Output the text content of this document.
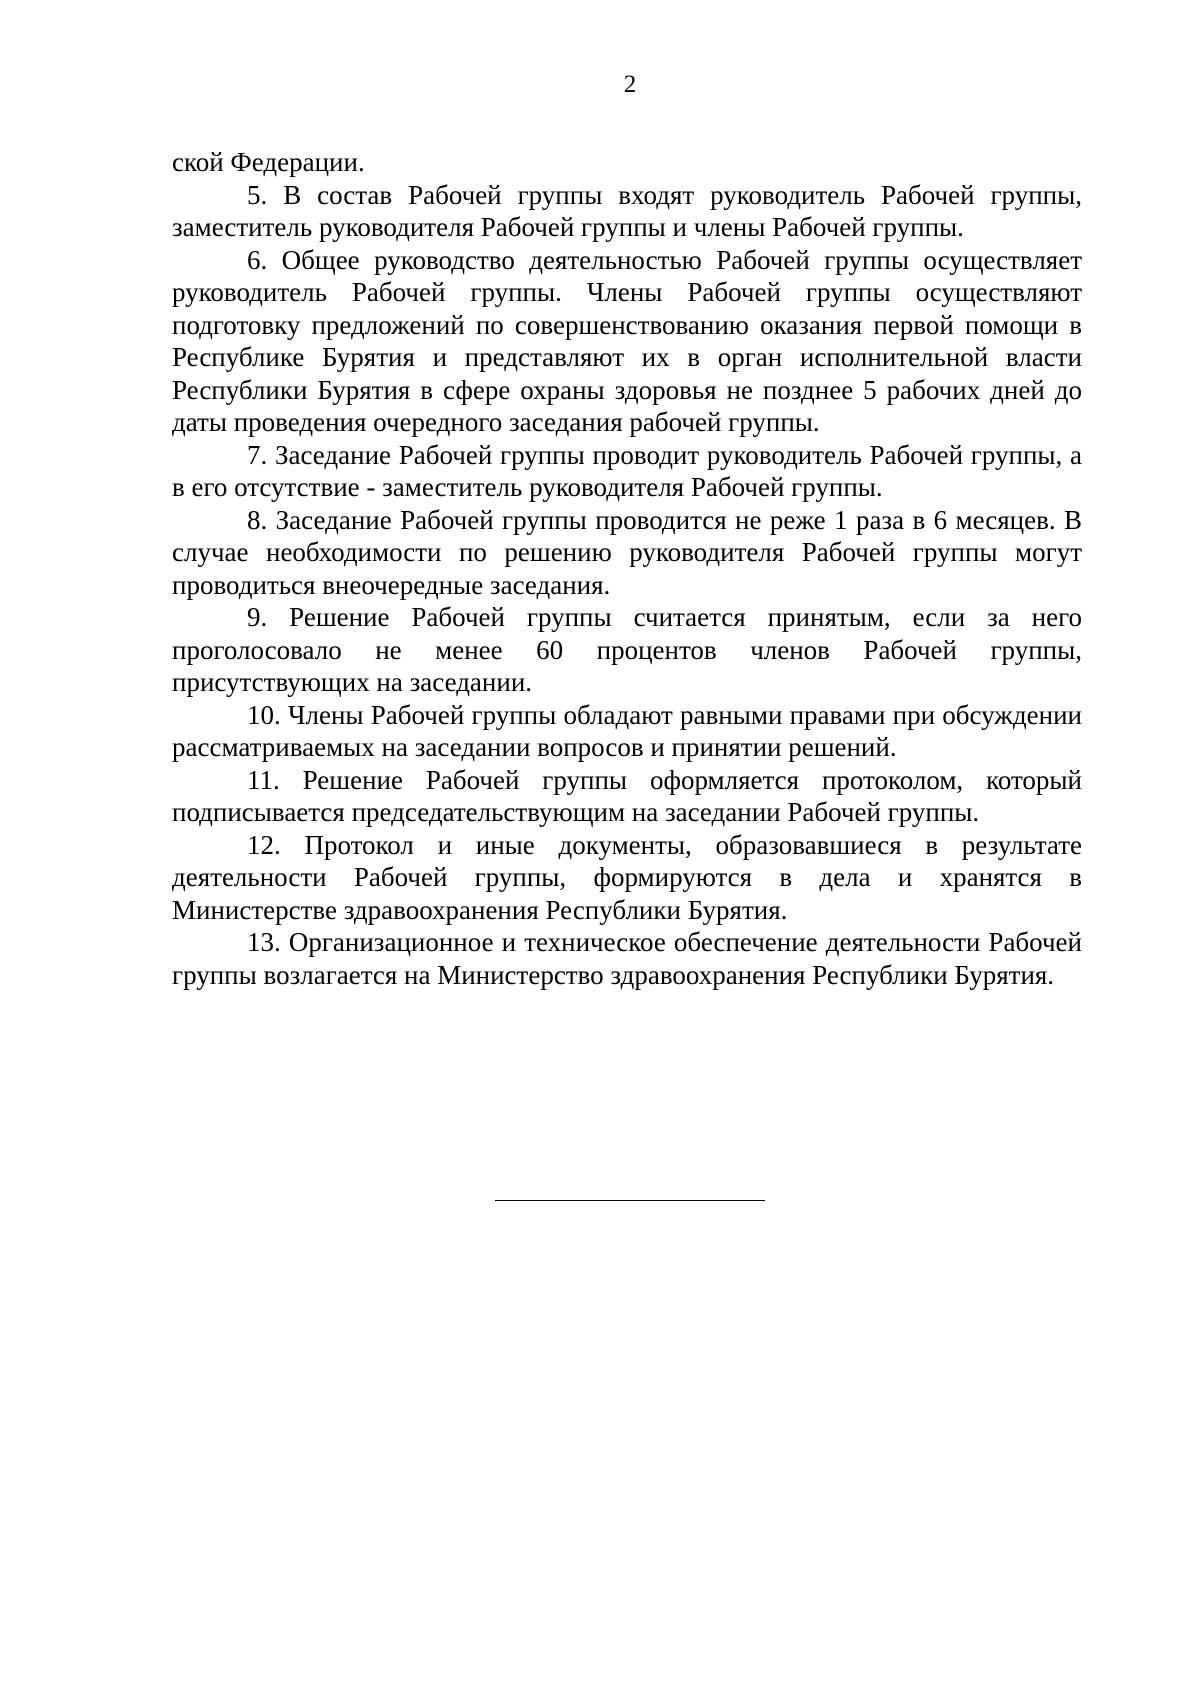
2

ской Федерации.

5. В состав Рабочей группы входят руководитель Рабочей группы, заместитель руководителя Рабочей группы и члены Рабочей группы.

6. Общее руководство деятельностью Рабочей группы осуществляет руководитель Рабочей группы. Члены Рабочей группы осуществляют подготовку предложений по совершенствованию оказания первой помощи в Республике Бурятия и представляют их в орган исполнительной власти Республики Бурятия в сфере охраны здоровья не позднее 5 рабочих дней до даты проведения очередного заседания рабочей группы.

7. Заседание Рабочей группы проводит руководитель Рабочей группы, а в его отсутствие - заместитель руководителя Рабочей группы.

8. Заседание Рабочей группы проводится не реже 1 раза в 6 месяцев. В случае необходимости по решению руководителя Рабочей группы могут проводиться внеочередные заседания.

9. Решение Рабочей группы считается принятым, если за него проголосовало не менее 60 процентов членов Рабочей группы, присутствующих на заседании.

10. Члены Рабочей группы обладают равными правами при обсуждении рассматриваемых на заседании вопросов и принятии решений.

11. Решение Рабочей группы оформляется протоколом, который подписывается председательствующим на заседании Рабочей группы.

12. Протокол и иные документы, образовавшиеся в результате деятельности Рабочей группы, формируются в дела и хранятся в Министерстве здравоохранения Республики Бурятия.

13. Организационное и техническое обеспечение деятельности Рабочей группы возлагается на Министерство здравоохранения Республики Бурятия.
